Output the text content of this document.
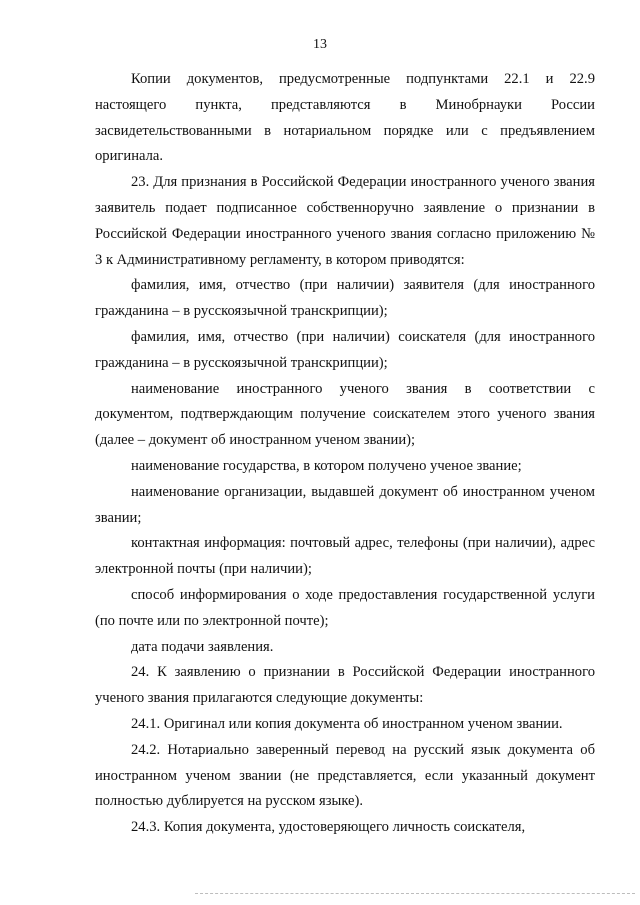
13

Копии документов, предусмотренные подпунктами 22.1 и 22.9 настоящего пункта, представляются в Минобрнауки России засвидетельствованными в нотариальном порядке или с предъявлением оригинала.

23. Для признания в Российской Федерации иностранного ученого звания заявитель подает подписанное собственноручно заявление о признании в Российской Федерации иностранного ученого звания согласно приложению № 3 к Административному регламенту, в котором приводятся:

фамилия, имя, отчество (при наличии) заявителя (для иностранного гражданина – в русскоязычной транскрипции);

фамилия, имя, отчество (при наличии) соискателя (для иностранного гражданина – в русскоязычной транскрипции);

наименование иностранного ученого звания в соответствии с документом, подтверждающим получение соискателем этого ученого звания (далее – документ об иностранном ученом звании);

наименование государства, в котором получено ученое звание;

наименование организации, выдавшей документ об иностранном ученом звании;

контактная информация: почтовый адрес, телефоны (при наличии), адрес электронной почты (при наличии);

способ информирования о ходе предоставления государственной услуги (по почте или по электронной почте);

дата подачи заявления.

24. К заявлению о признании в Российской Федерации иностранного ученого звания прилагаются следующие документы:

24.1. Оригинал или копия документа об иностранном ученом звании.

24.2. Нотариально заверенный перевод на русский язык документа об иностранном ученом звании (не представляется, если указанный документ полностью дублируется на русском языке).

24.3. Копия документа, удостоверяющего личность соискателя,
